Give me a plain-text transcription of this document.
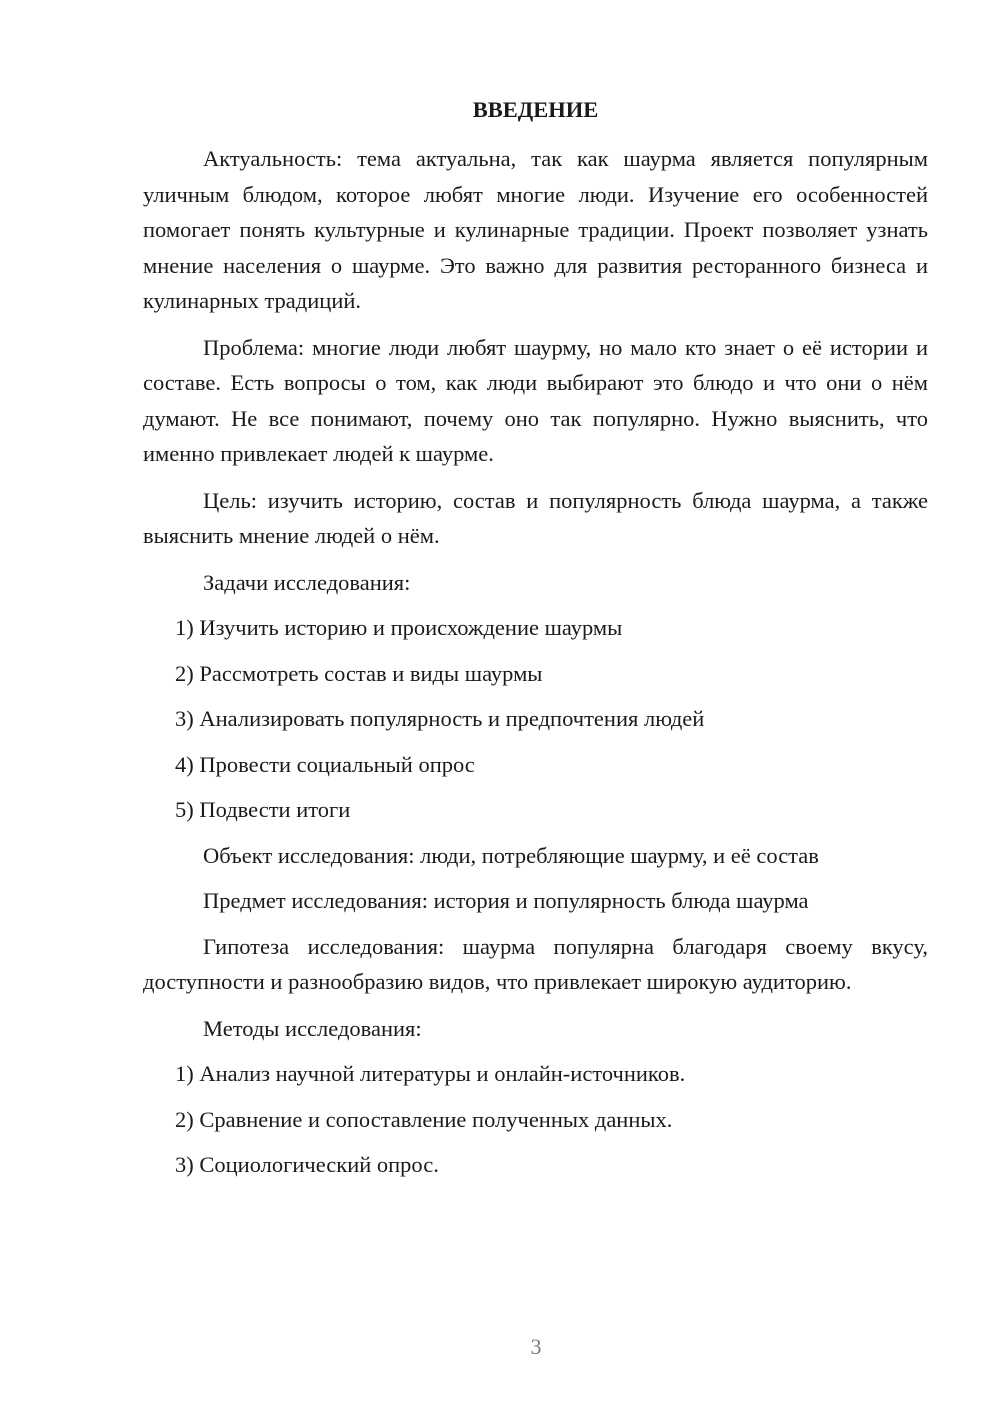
ВВЕДЕНИЕ

Актуальность: тема актуальна, так как шаурма является популярным уличным блюдом, которое любят многие люди. Изучение его особенностей помогает понять культурные и кулинарные традиции. Проект позволяет узнать мнение населения о шаурме. Это важно для развития ресторанного бизнеса и кулинарных традиций.

Проблема: многие люди любят шаурму, но мало кто знает о её истории и составе. Есть вопросы о том, как люди выбирают это блюдо и что они о нём думают. Не все понимают, почему оно так популярно. Нужно выяснить, что именно привлекает людей к шаурме.

Цель: изучить историю, состав и популярность блюда шаурма, а также выяснить мнение людей о нём.

Задачи исследования:

1) Изучить историю и происхождение шаурмы

2) Рассмотреть состав и виды шаурмы

3) Анализировать популярность и предпочтения людей

4) Провести социальный опрос

5) Подвести итоги

Объект исследования: люди, потребляющие шаурму, и её состав

Предмет исследования: история и популярность блюда шаурма

Гипотеза исследования: шаурма популярна благодаря своему вкусу, доступности и разнообразию видов, что привлекает широкую аудиторию.

Методы исследования:

1) Анализ научной литературы и онлайн-источников.

2) Сравнение и сопоставление полученных данных.

3) Социологический опрос.

3
